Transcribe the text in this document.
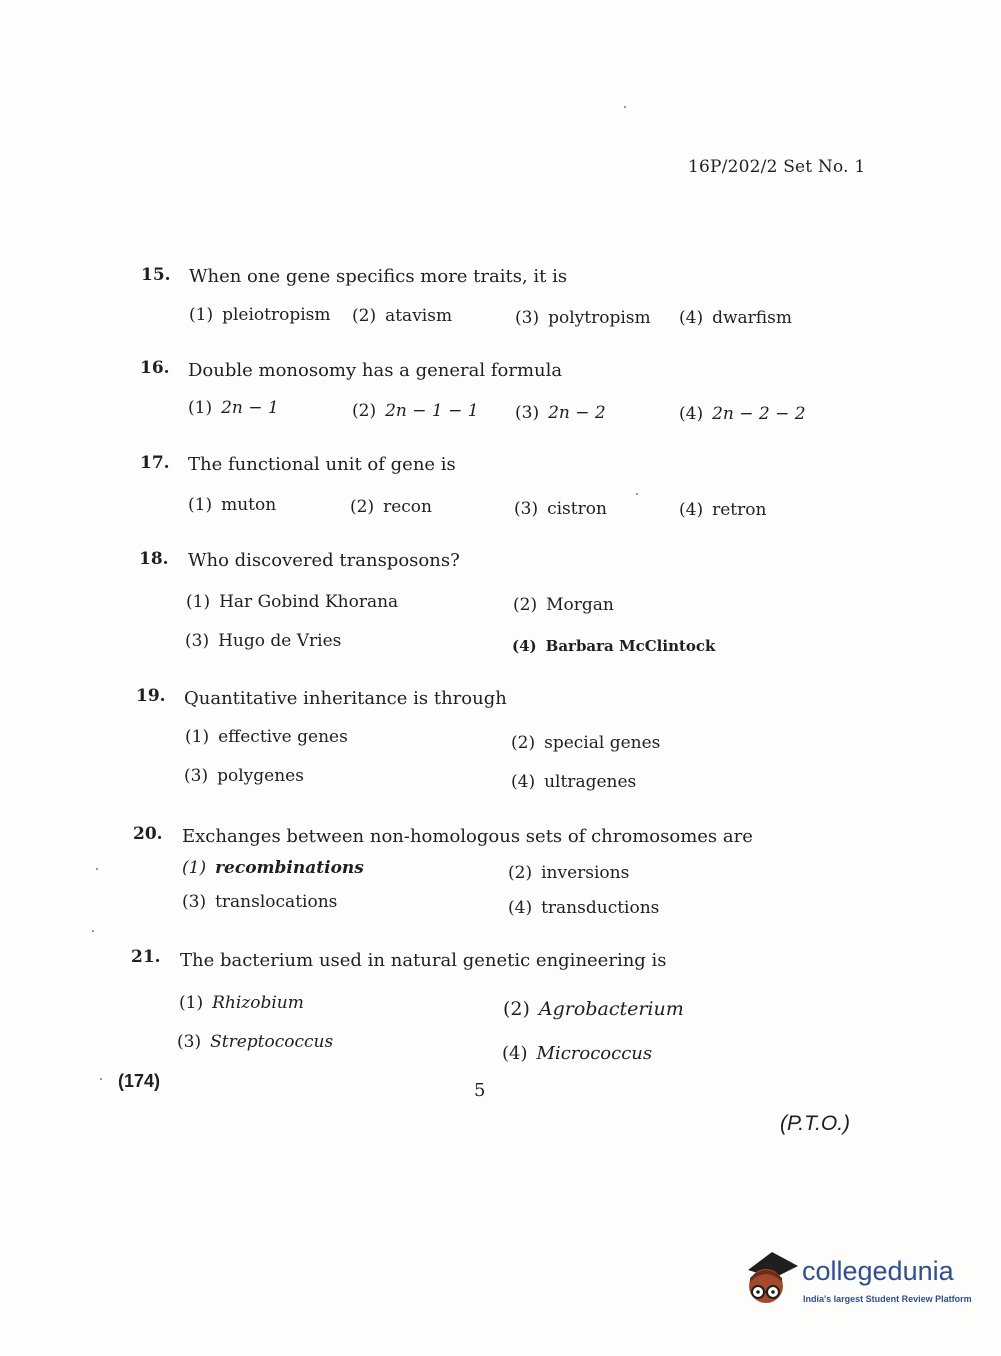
16P/202/2 Set No. 1
15. When one gene specifics more traits, it is
(1) pleiotropism (2) atavism	(3) polytropism (4) dwarfism
16. Double monosomy has a general formula
(1) 2n − 1	(2) 2n − 1 − 1 (3) 2n − 2	(4) 2n − 2 − 2
17. The functional unit of gene is
(1) muton	(2) recon	(3) cistron	(4) retron
18. Who discovered transposons?
(1) Har Gobind Khorana	(2) Morgan
(3) Hugo de Vries	(4) Barbara McClintock
19. Quantitative inheritance is through
(1) effective genes	(2) special genes
(3) polygenes	(4) ultragenes
20. Exchanges between non-homologous sets of chromosomes are
(1) recombinations	(2) inversions
(3) translocations	(4) transductions
21. The bacterium used in natural genetic engineering is
(1) Rhizobium	(2) Agrobacterium
(3) Streptococcus
(4) Micrococcus
(174)	5
(P.T.O.)
collegedunia
India's largest Student Review Platform
